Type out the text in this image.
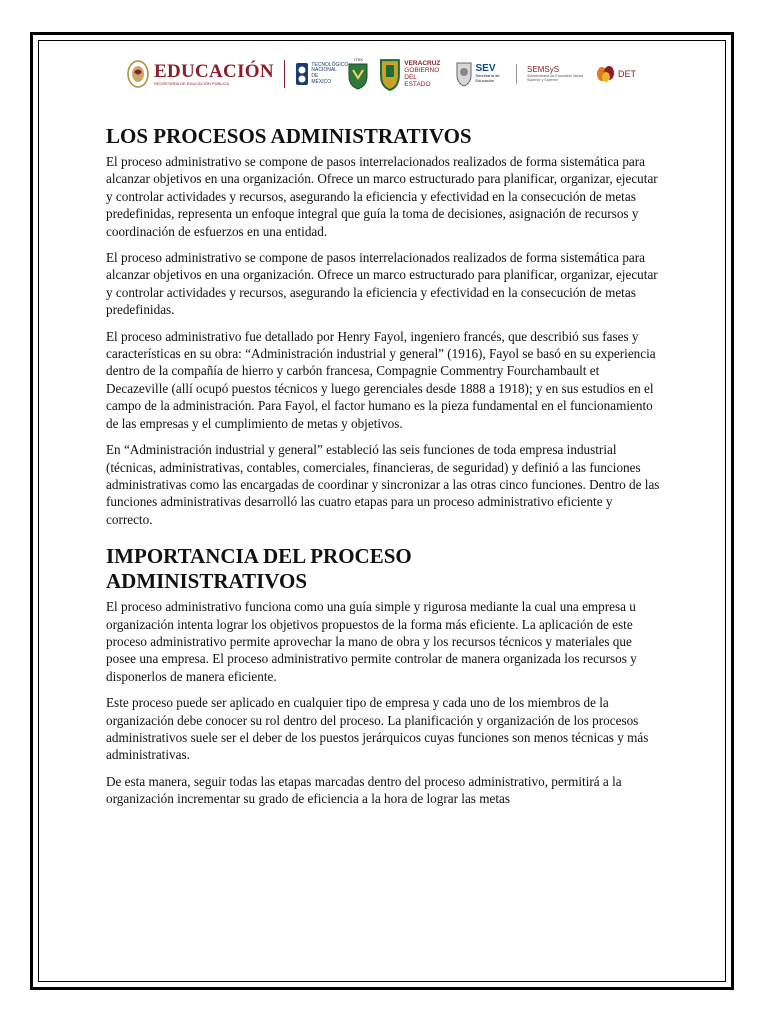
EDUCACIÓN
SECRETARÍA DE EDUCACIÓN PÚBLICA
TECNOLÓGICO NACIONAL DE MÉXICO
ITSX
VERACRUZ
GOBIERNO
DEL ESTADO
SEV
Secretaría de Educación
SEMSyS
Subsecretaría de Educación Media Superior y Superior
DET
LOS PROCESOS ADMINISTRATIVOS

El proceso administrativo se compone de pasos interrelacionados realizados de forma sistemática para alcanzar objetivos en una organización. Ofrece un marco estructurado para planificar, organizar, ejecutar y controlar actividades y recursos, asegurando la eficiencia y efectividad en la consecución de metas predefinidas, representa un enfoque integral que guía la toma de decisiones, asignación de recursos y coordinación de esfuerzos en una entidad.

El proceso administrativo se compone de pasos interrelacionados realizados de forma sistemática para alcanzar objetivos en una organización. Ofrece un marco estructurado para planificar, organizar, ejecutar y controlar actividades y recursos, asegurando la eficiencia y efectividad en la consecución de metas predefinidas.

El proceso administrativo fue detallado por Henry Fayol, ingeniero francés, que describió sus fases y características en su obra: “Administración industrial y general” (1916), Fayol se basó en su experiencia dentro de la compañía de hierro y carbón francesa, Compagnie Commentry Fourchambault et Decazeville (allí ocupó puestos técnicos y luego gerenciales desde 1888 a 1918); y en sus estudios en el campo de la administración. Para Fayol, el factor humano es la pieza fundamental en el funcionamiento de las empresas y el cumplimiento de metas y objetivos.

En “Administración industrial y general” estableció las seis funciones de toda empresa industrial (técnicas, administrativas, contables, comerciales, financieras, de seguridad) y definió a las funciones administrativas como las encargadas de coordinar y sincronizar a las otras cinco funciones. Dentro de las funciones administrativas desarrolló las cuatro etapas para un proceso administrativo eficiente y correcto.

IMPORTANCIA DEL PROCESO ADMINISTRATIVOS

El proceso administrativo funciona como una guía simple y rigurosa mediante la cual una empresa u organización intenta lograr los objetivos propuestos de la forma más eficiente. La aplicación de este proceso administrativo permite aprovechar la mano de obra y los recursos técnicos y materiales que posee una empresa. El proceso administrativo permite controlar de manera organizada los recursos y disponerlos de manera eficiente.

Este proceso puede ser aplicado en cualquier tipo de empresa y cada uno de los miembros de la organización debe conocer su rol dentro del proceso. La planificación y organización de los procesos administrativos suele ser el deber de los puestos jerárquicos cuyas funciones son menos técnicas y más administrativas.

De esta manera, seguir todas las etapas marcadas dentro del proceso administrativo, permitirá a la organización incrementar su grado de eficiencia a la hora de lograr las metas
